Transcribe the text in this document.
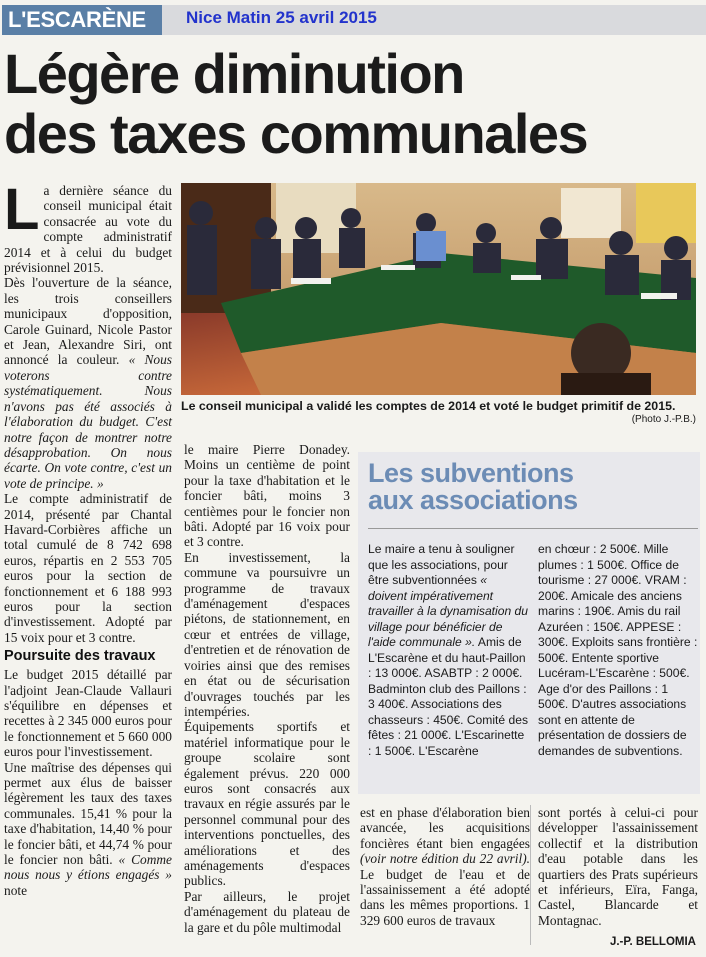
L'ESCARÈNE	Nice Matin 25 avril 2015
Légère diminution
des taxes communales
Le conseil municipal a validé les comptes de 2014 et voté le budget primitif de 2015.
(Photo J.-P.B.)

La dernière séance du conseil municipal était consacrée au vote du compte administratif 2014 et à celui du budget prévisionnel 2015.

Dès l'ouverture de la séance, les trois conseillers municipaux d'opposition, Carole Guinard, Nicole Pastor et Jean, Alexandre Siri, ont annoncé la couleur. « Nous voterons contre systématiquement. Nous n'avons pas été associés à l'élaboration du budget. C'est notre façon de montrer notre désapprobation. On nous écarte. On vote contre, c'est un vote de principe. »

Le compte administratif de 2014, présenté par Chantal Havard-Corbières affiche un total cumulé de 8 742 698 euros, répartis en 2 553 705 euros pour la section de fonctionnement et 6 188 993 euros pour la section d'investissement. Adopté par 15 voix pour et 3 contre.

Poursuite des travaux

Le budget 2015 détaillé par l'adjoint Jean-Claude Vallauri s'équilibre en dépenses et recettes à 2 345 000 euros pour le fonctionnement et 5 660 000 euros pour l'investissement.

Une maîtrise des dépenses qui permet aux élus de baisser légèrement les taux des taxes communales. 15,41 % pour la taxe d'habitation, 14,40 % pour le foncier bâti, et 44,74 % pour le foncier non bâti. « Comme nous nous y étions engagés » note

le maire Pierre Donadey. Moins un centième de point pour la taxe d'habitation et le foncier bâti, moins 3 centièmes pour le foncier non bâti. Adopté par 16 voix pour et 3 contre.

En investissement, la commune va poursuivre un programme de travaux d'aménagement d'espaces piétons, de stationnement, en cœur et entrées de village, d'entretien et de rénovation de voiries ainsi que des remises en état ou de sécurisation d'ouvrages touchés par les intempéries.

Équipements sportifs et matériel informatique pour le groupe scolaire sont également prévus. 220 000 euros sont consacrés aux travaux en régie assurés par le personnel communal pour des interventions ponctuelles, des améliorations et des aménagements d'espaces publics.

Par ailleurs, le projet d'aménagement du plateau de la gare et du pôle multimodal

Les subventions
aux associations
Le maire a tenu à souligner que les associations, pour être subventionnées « doivent impérativement travailler à la dynamisation du village pour bénéficier de l'aide communale ». Amis de L'Escarène et du haut-Paillon : 13 000€. ASABTP : 2 000€. Badminton club des Paillons : 3 400€. Associations des chasseurs : 450€. Comité des fêtes : 21 000€. L'Escarinette : 1 500€. L'Escarène
en chœur : 2 500€. Mille plumes : 1 500€. Office de tourisme : 27 000€. VRAM : 200€. Amicale des anciens marins : 190€. Amis du rail Azuréen : 150€. APPESE : 300€. Exploits sans frontière : 500€. Entente sportive Lucéram-L'Escarène : 500€. Age d'or des Paillons : 1 500€. D'autres associations sont en attente de présentation de dossiers de demandes de subventions.

est en phase d'élaboration bien avancée, les acquisitions foncières étant bien engagées (voir notre édition du 22 avril). Le budget de l'eau et de l'assainissement a été adopté dans les mêmes proportions. 1 329 600 euros de travaux

sont portés à celui-ci pour développer l'assainissement collectif et la distribution d'eau potable dans les quartiers des Prats supérieurs et inférieurs, Eïra, Fanga, Castel, Blancarde et Montagnac.

J.-P. BELLOMIA
